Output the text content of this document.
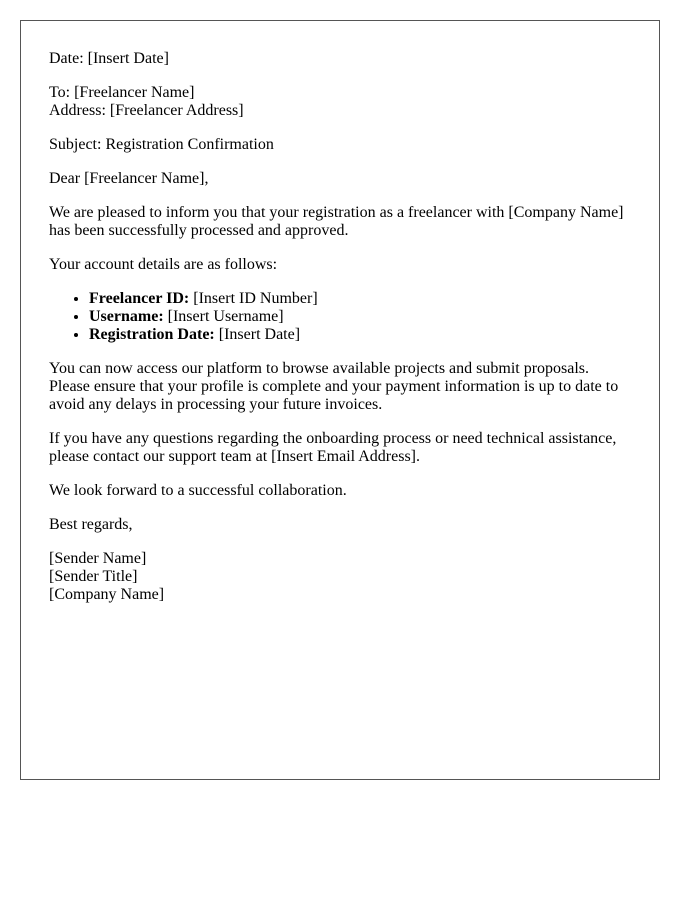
Date: [Insert Date]

To: [Freelancer Name]
Address: [Freelancer Address]

Subject: Registration Confirmation

Dear [Freelancer Name],

We are pleased to inform you that your registration as a freelancer with [Company Name] has been successfully processed and approved.

Your account details are as follows:

• Freelancer ID: [Insert ID Number]
• Username: [Insert Username]
• Registration Date: [Insert Date]

You can now access our platform to browse available projects and submit proposals. Please ensure that your profile is complete and your payment information is up to date to avoid any delays in processing your future invoices.

If you have any questions regarding the onboarding process or need technical assistance, please contact our support team at [Insert Email Address].

We look forward to a successful collaboration.

Best regards,

[Sender Name]
[Sender Title]
[Company Name]
